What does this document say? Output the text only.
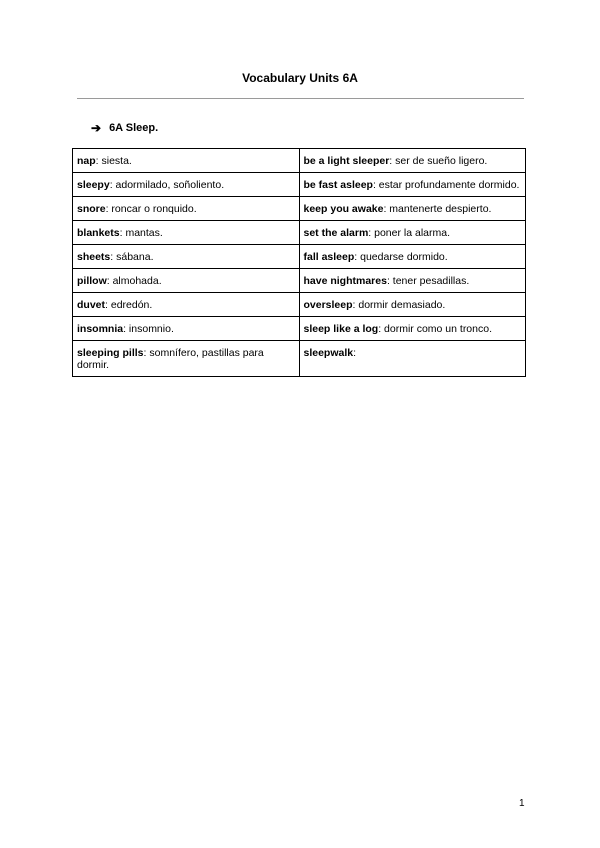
Vocabulary Units 6A
➔ 6A Sleep.
nap: siesta.	be a light sleeper: ser de sueño ligero.
sleepy: adormilado, soñoliento.	be fast asleep: estar profundamente dormido.
snore: roncar o ronquido.	keep you awake: mantenerte despierto.
blankets: mantas.	set the alarm: poner la alarma.
sheets: sábana.	fall asleep: quedarse dormido.
pillow: almohada.	have nightmares: tener pesadillas.
duvet: edredón.	oversleep: dormir demasiado.
insomnia: insomnio.	sleep like a log: dormir como un tronco.
sleeping pills: somnífero, pastillas para dormir.	sleepwalk:
1
